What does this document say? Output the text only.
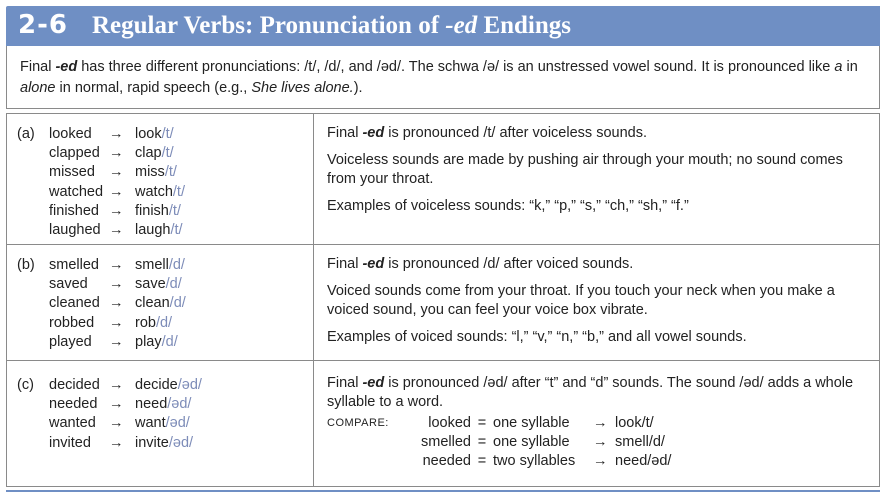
2-6 Regular Verbs: Pronunciation of -ed Endings

Final -ed has three different pronunciations: /t/, /d/, and /əd/. The schwa /ə/ is an unstressed vowel sound. It is pronounced like a in alone in normal, rapid speech (e.g., She lives alone.).

(a) looked → look/t/
clapped → clap/t/
missed → miss/t/
watched → watch/t/
finished → finish/t/
laughed → laugh/t/

Final -ed is pronounced /t/ after voiceless sounds.

Voiceless sounds are made by pushing air through your mouth; no sound comes from your throat.

Examples of voiceless sounds: “k,” “p,” “s,” “ch,” “sh,” “f.”

(b) smelled → smell/d/
saved → save/d/
cleaned → clean/d/
robbed → rob/d/
played → play/d/

Final -ed is pronounced /d/ after voiced sounds.

Voiced sounds come from your throat. If you touch your neck when you make a voiced sound, you can feel your voice box vibrate.

Examples of voiced sounds: “l,” “v,” “n,” “b,” and all vowel sounds.

(c) decided → decide/əd/
needed → need/əd/
wanted → want/əd/
invited → invite/əd/

Final -ed is pronounced /əd/ after “t” and “d” sounds. The sound /əd/ adds a whole syllable to a word.

COMPARE:	looked = one syllable → look/t/
smelled = one syllable → smell/d/
needed = two syllables → need/əd/
